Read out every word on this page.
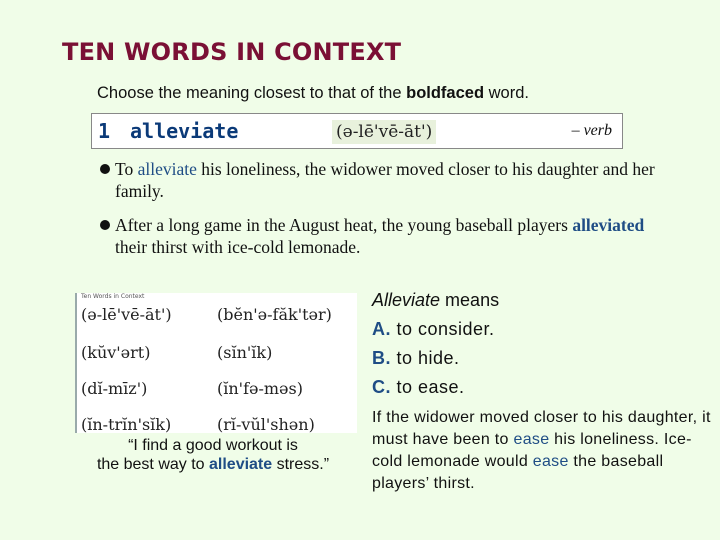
TEN WORDS IN CONTEXT
Choose the meaning closest to that of the boldfaced word.
1 alleviate	(ə-lē'vē-āt')	– verb
To alleviate his loneliness, the widower moved closer to his daughter and her family.
After a long game in the August heat, the young baseball players alleviated their thirst with ice-cold lemonade.
Ten Words in Context
(ə-lē'vē-āt')	(bĕn'ə-făk'tər)
(kŭv'ərt)	(sĭn'ĭk)
(dĭ-mīz')	(ĭn'fə-məs)
(ĭn-trĭn'sĭk)	(rĭ-vŭl'shən)
“I find a good workout is
the best way to alleviate stress.”
Alleviate means
A. to consider.
B. to hide.
C. to ease.
If the widower moved closer to his daughter, it must have been to ease his loneliness. Ice-cold lemonade would ease the baseball players’ thirst.
